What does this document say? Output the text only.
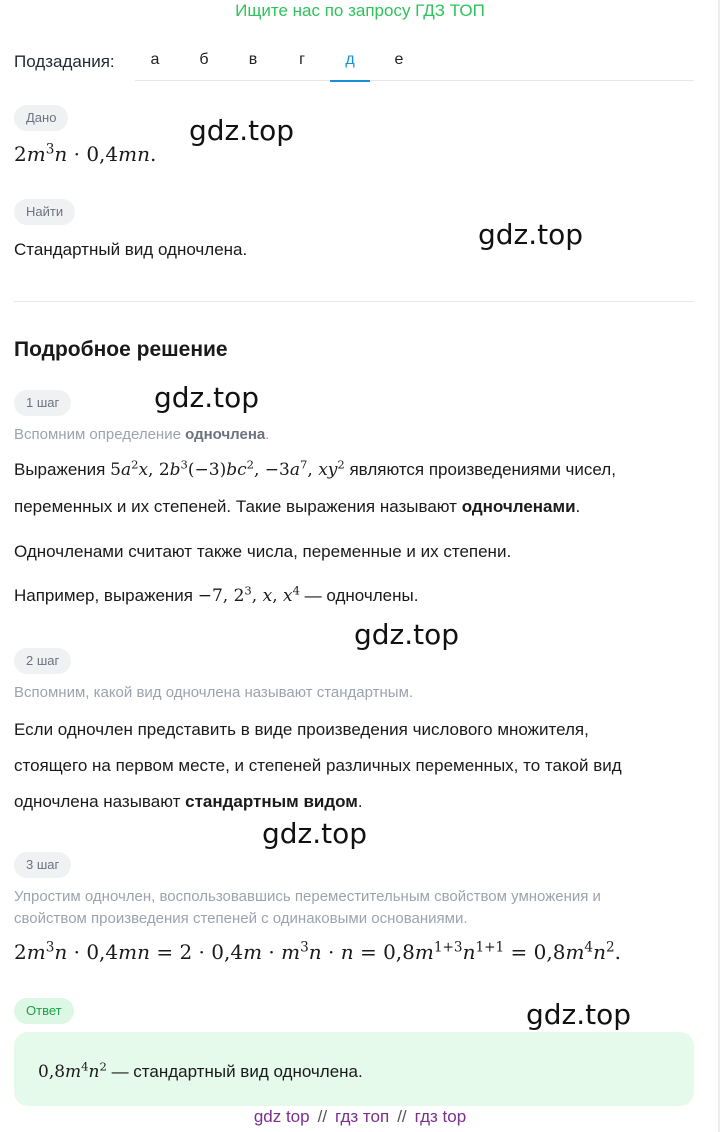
Ищите нас по запросу ГДЗ ТОП
Подзадания:	а	б	в	г	д	е
Дано
$2m^3n \cdot 0,4mn$.
Найти
Стандартный вид одночлена.
Подробное решение
1 шаг
Вспомним определение одночлена.
Выражения $5a^2x$, $2b^3(-3)bc^2$, $-3a^7$, $xy^2$ являются произведениями чисел,
переменных и их степеней. Такие выражения называют одночленами.
Одночленами считают также числа, переменные и их степени.
Например, выражения −7, $2^3$, x, $x^4$ — одночлены.
2 шаг
Вспомним, какой вид одночлена называют стандартным.
Если одночлен представить в виде произведения числового множителя,
стоящего на первом месте, и степеней различных переменных, то такой вид
одночлена называют стандартным видом.
3 шаг
Упростим одночлен, воспользовавшись переместительным свойством умножения и
свойством произведения степеней с одинаковыми основаниями.
$2m^3n \cdot 0,4mn = 2 \cdot 0,4m \cdot m^3n \cdot n = 0,8m^{1+3}n^{1+1} = 0,8m^4n^2$.
Ответ
$0,8m^4n^2$ — стандартный вид одночлена.
gdz.top
gdz.top
gdz.top
gdz.top
gdz.top
gdz.top
gdz top // гдз топ // гдз top
